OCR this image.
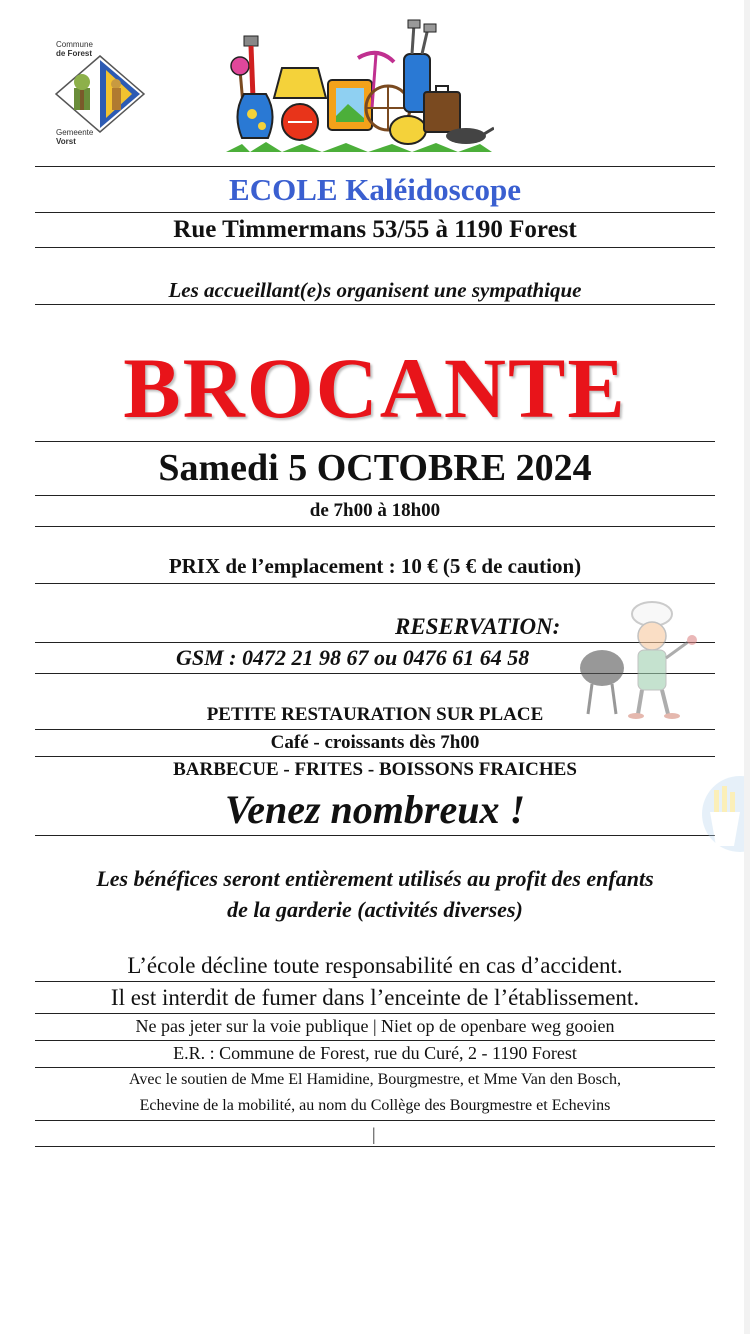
Commune
de Forest
Gemeente
Vorst
ECOLE Kaléidoscope
Rue Timmermans 53/55 à 1190 Forest
Les accueillant(e)s organisent une sympathique
BROCANTE
Samedi 5 OCTOBRE 2024
de 7h00 à 18h00
PRIX de l’emplacement : 10 € (5 € de caution)
RESERVATION:
GSM : 0472 21 98 67 ou 0476 61 64 58
PETITE RESTAURATION SUR PLACE
Café - croissants dès 7h00
BARBECUE - FRITES - BOISSONS FRAICHES
Venez nombreux !
Les bénéfices seront entièrement utilisés au profit des enfants
de la garderie (activités diverses)
L’école décline toute responsabilité en cas d’accident.
Il est interdit de fumer dans l’enceinte de l’établissement.
Ne pas jeter sur la voie publique | Niet op de openbare weg gooien
E.R. : Commune de Forest, rue du Curé, 2 - 1190 Forest
Avec le soutien de Mme El Hamidine, Bourgmestre, et Mme Van den Bosch,
Echevine de la mobilité, au nom du Collège des Bourgmestre et Echevins
|
